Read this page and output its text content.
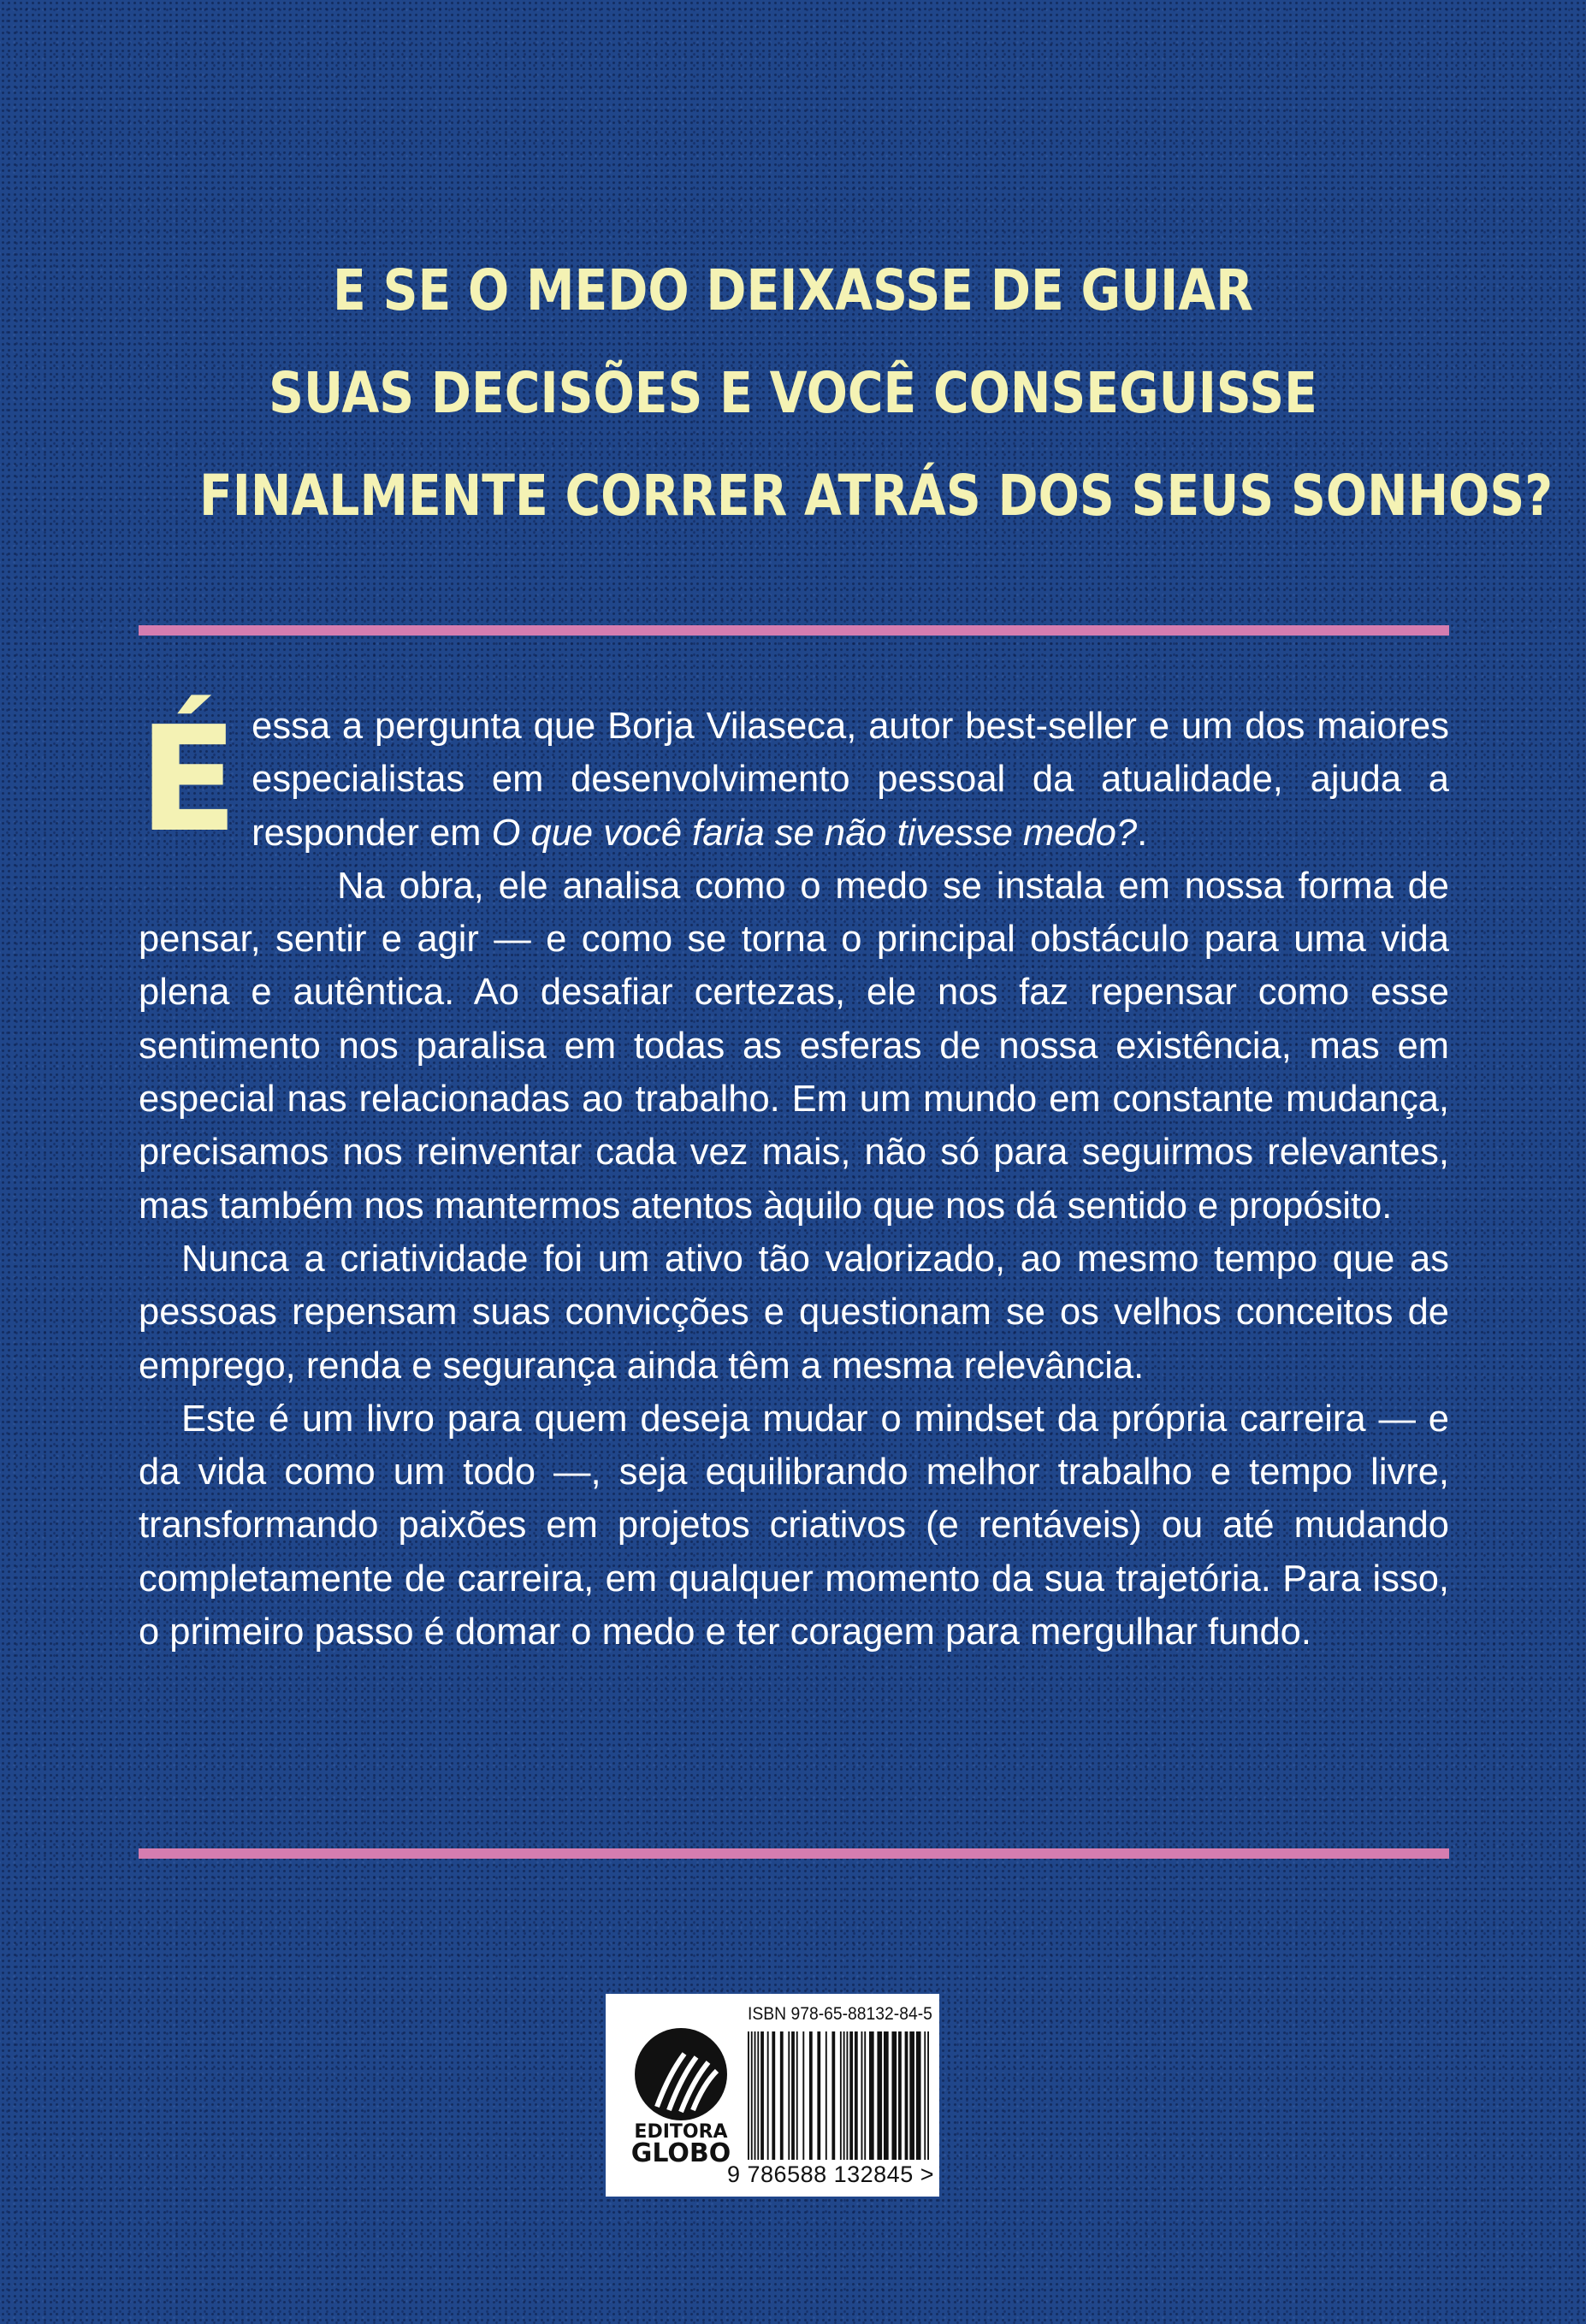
E SE O MEDO DEIXASSE DE GUIAR
SUAS DECISÕES E VOCÊ CONSEGUISSE
FINALMENTE CORRER ATRÁS DOS SEUS SONHOS?

Éessa a pergunta que Borja Vilaseca, autor best-seller e um dos maiores especialistas em desenvolvimento pessoal da atualidade, ajuda a responder em O que você faria se não tivesse medo?.

Na obra, ele analisa como o medo se instala em nossa forma de pensar, sentir e agir — e como se torna o principal obstáculo para uma vida plena e autêntica. Ao desafiar certezas, ele nos faz repensar como esse sentimento nos paralisa em todas as esferas de nossa existência, mas em especial nas relacionadas ao trabalho. Em um mundo em constante mudança, precisamos nos reinventar cada vez mais, não só para seguirmos relevantes, mas também nos mantermos atentos àquilo que nos dá sentido e propósito.

Nunca a criatividade foi um ativo tão valorizado, ao mesmo tempo que as pessoas repensam suas convicções e questionam se os velhos conceitos de emprego, renda e segurança ainda têm a mesma relevância.

Este é um livro para quem deseja mudar o mindset da própria carreira — e da vida como um todo —, seja equilibrando melhor trabalho e tempo livre, transformando paixões em projetos criativos (e rentáveis) ou até mudando completamente de carreira, em qualquer momento da sua trajetória. Para isso, o primeiro passo é domar o medo e ter coragem para mergulhar fundo.

EDITORA
GLOBO
ISBN 978-65-88132-84-5
9 786588 132845 >
